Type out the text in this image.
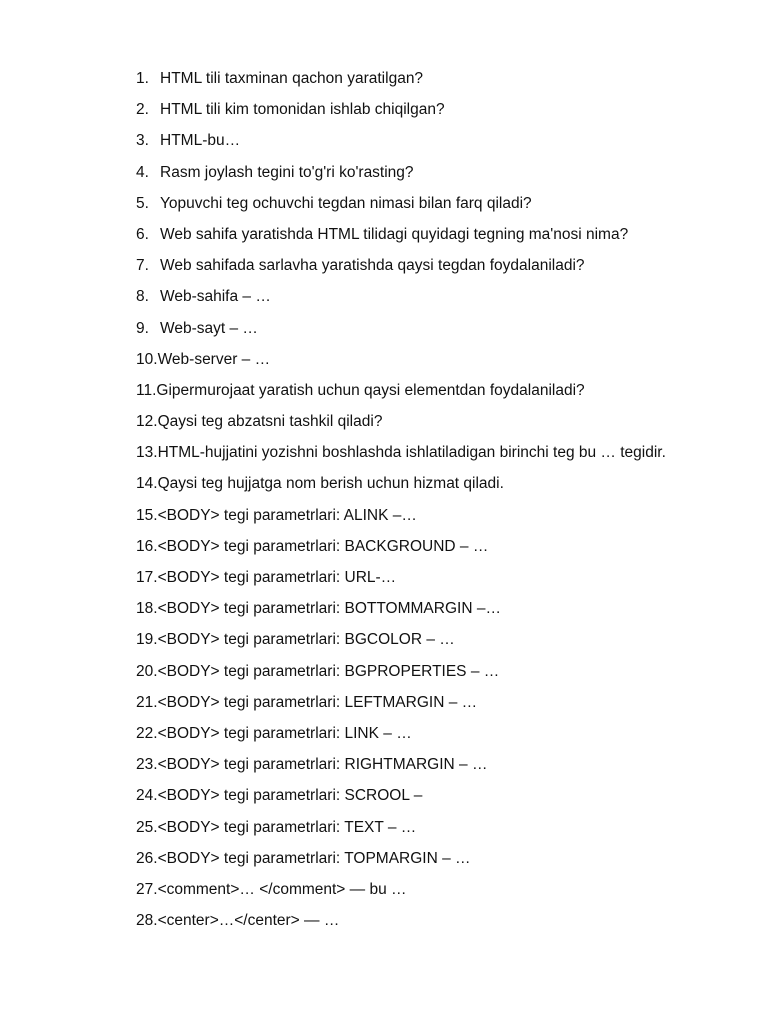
1. HTML tili taxminan qachon yaratilgan?
2. HTML tili kim tomonidan ishlab chiqilgan?
3. HTML-bu…
4. Rasm joylash tegini to'g'ri ko'rasting?
5. Yopuvchi teg ochuvchi tegdan nimasi bilan farq qiladi?
6. Web sahifa yaratishda HTML tilidagi quyidagi tegning ma'nosi nima?
7. Web sahifada sarlavha yaratishda qaysi tegdan foydalaniladi?
8. Web-sahifa – …
9. Web-sayt – …
10. Web-server – …
11. Gipermurojaat yaratish uchun qaysi elementdan foydalaniladi?
12. Qaysi teg abzatsni tashkil qiladi?
13. HTML-hujjatini yozishni boshlashda ishlatiladigan birinchi teg bu … tegidir.
14. Qaysi teg hujjatga nom berish uchun hizmat qiladi.
15. <BODY> tegi parametrlari: ALINK –…
16. <BODY> tegi parametrlari: BACKGROUND – …
17. <BODY> tegi parametrlari: URL-…
18. <BODY> tegi parametrlari: BOTTOMMARGIN –…
19. <BODY> tegi parametrlari: BGCOLOR – …
20. <BODY> tegi parametrlari: BGPROPERTIES – …
21. <BODY> tegi parametrlari: LEFTMARGIN – …
22. <BODY> tegi parametrlari: LINK – …
23. <BODY> tegi parametrlari: RIGHTMARGIN – …
24. <BODY> tegi parametrlari: SCROOL –
25. <BODY> tegi parametrlari: TEXT – …
26. <BODY> tegi parametrlari: TOPMARGIN – …
27. <comment>… </comment> — bu …
28. <center>…</center> — …
